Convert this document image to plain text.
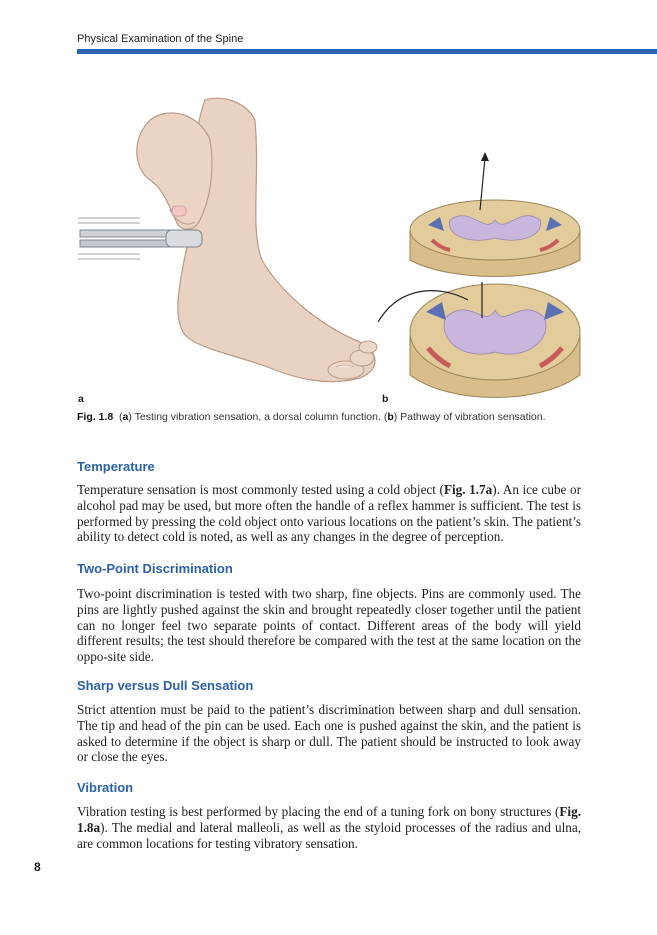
Physical Examination of the Spine
a	b
Fig. 1.8 (a) Testing vibration sensation, a dorsal column function. (b) Pathway of vibration sensation.
Temperature

Temperature sensation is most commonly tested using a cold object (Fig. 1.7a). An ice cube or alcohol pad may be used, but more often the handle of a reflex hammer is sufficient. The test is performed by pressing the cold object onto various locations on the patient’s skin. The patient’s ability to detect cold is noted, as well as any changes in the degree of perception.

Two-Point Discrimination

Two-point discrimination is tested with two sharp, fine objects. Pins are commonly used. The pins are lightly pushed against the skin and brought repeatedly closer together until the patient can no longer feel two separate points of contact. Different areas of the body will yield different results; the test should therefore be compared with the test at the same location on the oppo-site side.

Sharp versus Dull Sensation

Strict attention must be paid to the patient’s discrimination between sharp and dull sensation. The tip and head of the pin can be used. Each one is pushed against the skin, and the patient is asked to determine if the object is sharp or dull. The patient should be instructed to look away or close the eyes.

Vibration

Vibration testing is best performed by placing the end of a tuning fork on bony structures (Fig. 1.8a). The medial and lateral malleoli, as well as the styloid processes of the radius and ulna, are common locations for testing vibratory sensation.

8
